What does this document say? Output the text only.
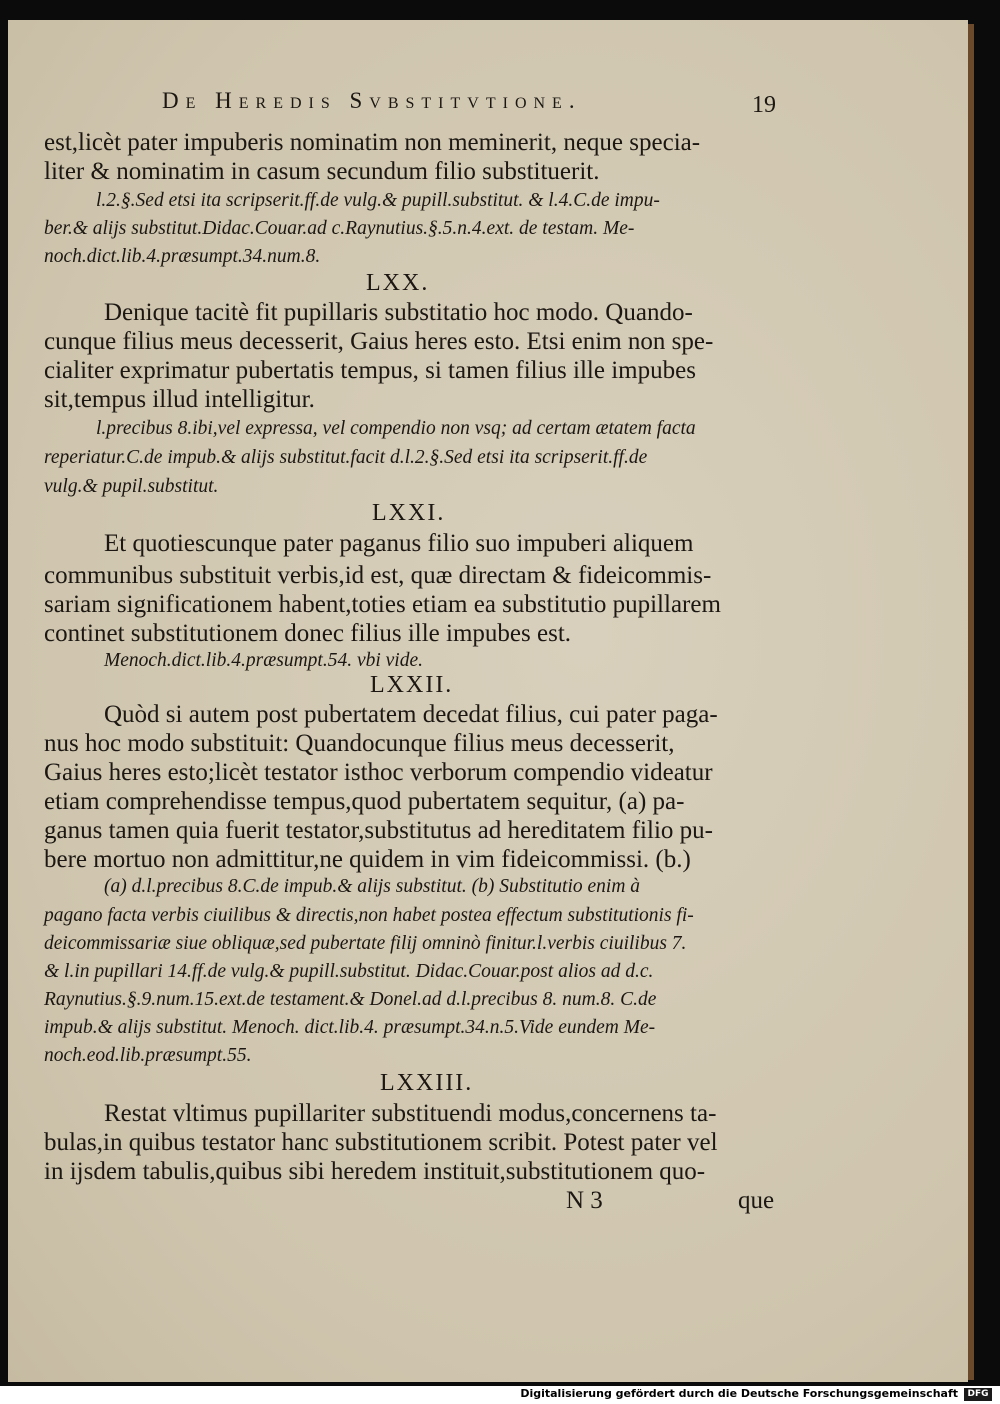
De Heredis Svbstitvtione.	19

est,licèt pater impuberis nominatim non meminerit, neque specia-

liter & nominatim in casum secundum filio substituerit.

l.2.§.Sed etsi ita scripserit.ff.de vulg.& pupill.substitut. & l.4.C.de impu-

ber.& alijs substitut.Didac.Couar.ad c.Raynutius.§.5.n.4.ext. de testam. Me-

noch.dict.lib.4.præsumpt.34.num.8.

LXX.

Denique tacitè fit pupillaris substitatio hoc modo. Quando-

cunque filius meus decesserit, Gaius heres esto. Etsi enim non spe-

cialiter exprimatur pubertatis tempus, si tamen filius ille impubes

sit,tempus illud intelligitur.

l.precibus 8.ibi,vel expressa, vel compendio non vsq; ad certam ætatem facta

reperiatur.C.de impub.& alijs substitut.facit d.l.2.§.Sed etsi ita scripserit.ff.de

vulg.& pupil.substitut.

LXXI.

Et quotiescunque pater paganus filio suo impuberi aliquem

communibus substituit verbis,id est, quæ directam & fideicommis-

sariam significationem habent,toties etiam ea substitutio pupillarem

continet substitutionem donec filius ille impubes est.

Menoch.dict.lib.4.præsumpt.54. vbi vide.

LXXII.

Quòd si autem post pubertatem decedat filius, cui pater paga-

nus hoc modo substituit: Quandocunque filius meus decesserit,

Gaius heres esto;licèt testator isthoc verborum compendio videatur

etiam comprehendisse tempus,quod pubertatem sequitur, (a) pa-

ganus tamen quia fuerit testator,substitutus ad hereditatem filio pu-

bere mortuo non admittitur,ne quidem in vim fideicommissi. (b.)

(a) d.l.precibus 8.C.de impub.& alijs substitut. (b) Substitutio enim à

pagano facta verbis ciuilibus & directis,non habet postea effectum substitutionis fi-

deicommissariæ siue obliquæ,sed pubertate filij omninò finitur.l.verbis ciuilibus 7.

& l.in pupillari 14.ff.de vulg.& pupill.substitut. Didac.Couar.post alios ad d.c.

Raynutius.§.9.num.15.ext.de testament.& Donel.ad d.l.precibus 8. num.8. C.de

impub.& alijs substitut. Menoch. dict.lib.4. præsumpt.34.n.5.Vide eundem Me-

noch.eod.lib.præsumpt.55.

LXXIII.

Restat vltimus pupillariter substituendi modus,concernens ta-

bulas,in quibus testator hanc substitutionem scribit. Potest pater vel

in ijsdem tabulis,quibus sibi heredem instituit,substitutionem quo-

N 3	que
Digitalisierung gefördert durch die Deutsche Forschungsgemeinschaft	DFG
